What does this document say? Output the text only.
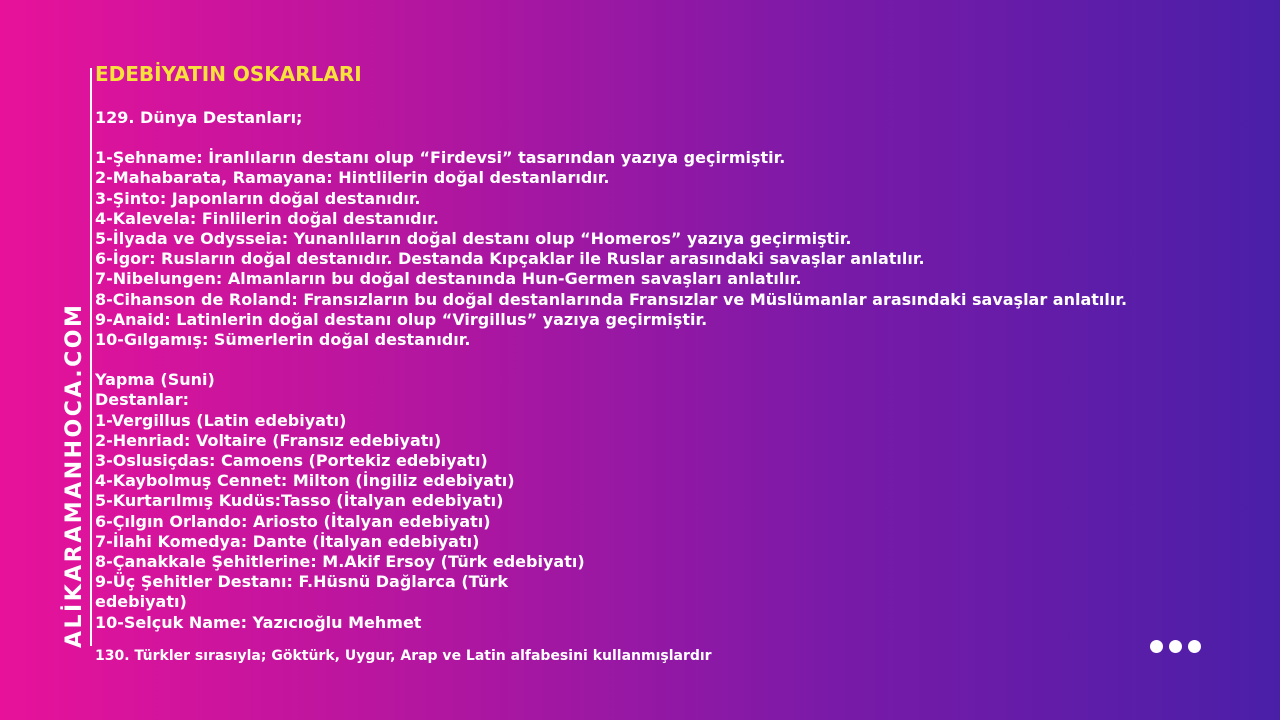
ALİKARAMANHOCA.COM
EDEBİYATIN OSKARLARI
129. Dünya Destanları;
1-Şehname: İranlıların destanı olup “Firdevsi” tasarından yazıya geçirmiştir.
2-Mahabarata, Ramayana: Hintlilerin doğal destanlarıdır.
3-Şinto: Japonların doğal destanıdır.
4-Kalevela: Finlilerin doğal destanıdır.
5-İlyada ve Odysseia: Yunanlıların doğal destanı olup “Homeros” yazıya geçirmiştir.
6-İgor: Rusların doğal destanıdır. Destanda Kıpçaklar ile Ruslar arasındaki savaşlar anlatılır.
7-Nibelungen: Almanların bu doğal destanında Hun-Germen savaşları anlatılır.
8-Cihanson de Roland: Fransızların bu doğal destanlarında Fransızlar ve Müslümanlar arasındaki savaşlar anlatılır.
9-Anaid: Latinlerin doğal destanı olup “Virgillus” yazıya geçirmiştir.
10-Gılgamış: Sümerlerin doğal destanıdır.
Yapma (Suni)
Destanlar:
1-Vergillus (Latin edebiyatı)
2-Henriad: Voltaire (Fransız edebiyatı)
3-Oslusiçdas: Camoens (Portekiz edebiyatı)
4-Kaybolmuş Cennet: Milton (İngiliz edebiyatı)
5-Kurtarılmış Kudüs:Tasso (İtalyan edebiyatı)
6-Çılgın Orlando: Ariosto (İtalyan edebiyatı)
7-İlahi Komedya: Dante (İtalyan edebiyatı)
8-Çanakkale Şehitlerine: M.Akif Ersoy (Türk edebiyatı)
9-Üç Şehitler Destanı: F.Hüsnü Dağlarca (Türk
edebiyatı)
10-Selçuk Name: Yazıcıoğlu Mehmet
130. Türkler sırasıyla; Göktürk, Uygur, Arap ve Latin alfabesini kullanmışlardır
